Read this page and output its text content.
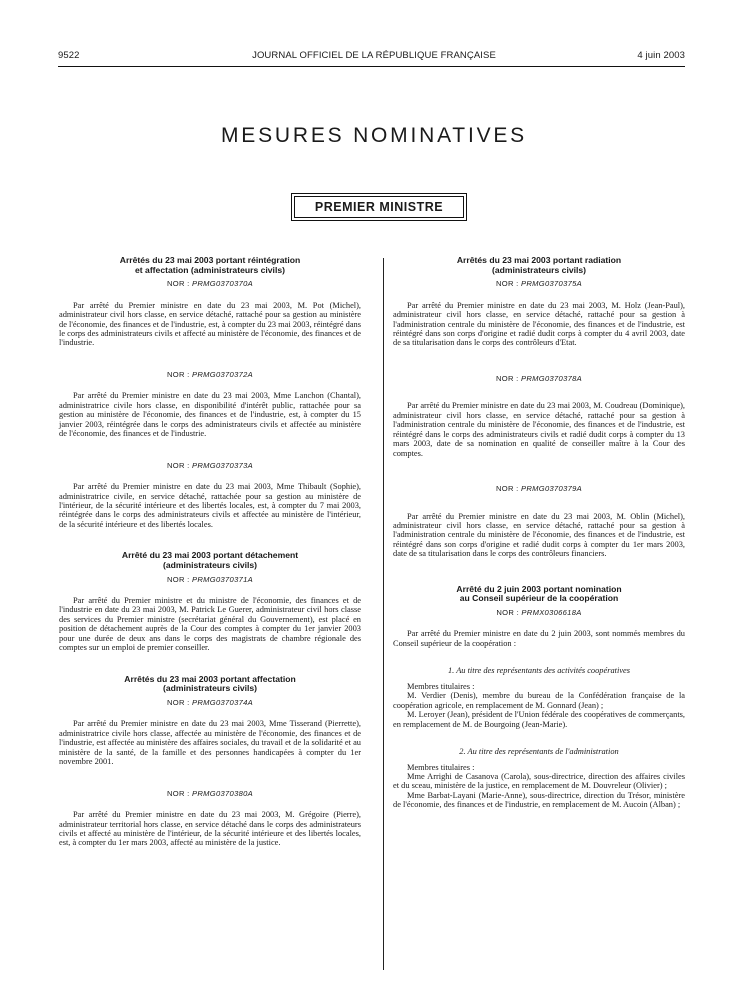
9522	JOURNAL OFFICIEL DE LA RÉPUBLIQUE FRANÇAISE	4 juin 2003
MESURES NOMINATIVES
PREMIER MINISTRE
Arrêtés du 23 mai 2003 portant réintégration
et affectation (administrateurs civils)
NOR : PRMG0370370A

Par arrêté du Premier ministre en date du 23 mai 2003, M. Pot (Michel), administrateur civil hors classe, en service détaché, rattaché pour sa gestion au ministère de l'économie, des finances et de l'industrie, est, à compter du 23 mai 2003, réintégré dans le corps des administrateurs civils et affecté au ministère de l'économie, des finances et de l'industrie.

NOR : PRMG0370372A

Par arrêté du Premier ministre en date du 23 mai 2003, Mme Lanchon (Chantal), administratrice civile hors classe, en disponibilité d'intérêt public, rattachée pour sa gestion au ministère de l'économie, des finances et de l'industrie, est, à compter du 15 janvier 2003, réintégrée dans le corps des administrateurs civils et affectée au ministère de l'économie, des finances et de l'industrie.

NOR : PRMG0370373A

Par arrêté du Premier ministre en date du 23 mai 2003, Mme Thibault (Sophie), administratrice civile, en service détaché, rattachée pour sa gestion au ministère de l'intérieur, de la sécurité intérieure et des libertés locales, est, à compter du 7 mai 2003, réintégrée dans le corps des administrateurs civils et affectée au ministère de l'intérieur, de la sécurité intérieure et des libertés locales.

Arrêté du 23 mai 2003 portant détachement
(administrateurs civils)
NOR : PRMG0370371A

Par arrêté du Premier ministre et du ministre de l'économie, des finances et de l'industrie en date du 23 mai 2003, M. Patrick Le Guerer, administrateur civil hors classe des services du Premier ministre (secrétariat général du Gouvernement), est placé en position de détachement auprès de la Cour des comptes à compter du 1er janvier 2003 pour une durée de deux ans dans le corps des magistrats de chambre régionale des comptes sur un emploi de premier conseiller.

Arrêtés du 23 mai 2003 portant affectation
(administrateurs civils)
NOR : PRMG0370374A

Par arrêté du Premier ministre en date du 23 mai 2003, Mme Tisserand (Pierrette), administratrice civile hors classe, affectée au ministère de l'économie, des finances et de l'industrie, est affectée au ministère des affaires sociales, du travail et de la solidarité et au ministère de la santé, de la famille et des personnes handicapées à compter du 1er novembre 2001.

NOR : PRMG0370380A

Par arrêté du Premier ministre en date du 23 mai 2003, M. Grégoire (Pierre), administrateur territorial hors classe, en service détaché dans le corps des administrateurs civils et affecté au ministère de l'intérieur, de la sécurité intérieure et des libertés locales, est, à compter du 1er mars 2003, affecté au ministère de la justice.

Arrêtés du 23 mai 2003 portant radiation
(administrateurs civils)
NOR : PRMG0370375A

Par arrêté du Premier ministre en date du 23 mai 2003, M. Holz (Jean-Paul), administrateur civil hors classe, en service détaché, rattaché pour sa gestion à l'administration centrale du ministère de l'économie, des finances et de l'industrie, est réintégré dans son corps d'origine et radié dudit corps à compter du 4 avril 2003, date de sa titularisation dans le corps des contrôleurs d'Etat.

NOR : PRMG0370378A

Par arrêté du Premier ministre en date du 23 mai 2003, M. Coudreau (Dominique), administrateur civil hors classe, en service détaché, rattaché pour sa gestion à l'administration centrale du ministère de l'économie, des finances et de l'industrie, est réintégré dans le corps des administrateurs civils et radié dudit corps à compter du 13 mars 2003, date de sa nomination en qualité de conseiller maître à la Cour des comptes.

NOR : PRMG0370379A

Par arrêté du Premier ministre en date du 23 mai 2003, M. Oblin (Michel), administrateur civil hors classe, en service détaché, rattaché pour sa gestion à l'administration centrale du ministère de l'économie, des finances et de l'industrie, est réintégré dans son corps d'origine et radié dudit corps à compter du 1er mars 2003, date de sa titularisation dans le corps des contrôleurs financiers.

Arrêté du 2 juin 2003 portant nomination
au Conseil supérieur de la coopération
NOR : PRMX0306618A

Par arrêté du Premier ministre en date du 2 juin 2003, sont nommés membres du Conseil supérieur de la coopération :

1. Au titre des représentants des activités coopératives

Membres titulaires :

M. Verdier (Denis), membre du bureau de la Confédération française de la coopération agricole, en remplacement de M. Gonnard (Jean) ;

M. Leroyer (Jean), président de l'Union fédérale des coopératives de commerçants, en remplacement de M. de Bourgoing (Jean-Marie).

2. Au titre des représentants de l'administration

Membres titulaires :

Mme Arrighi de Casanova (Carola), sous-directrice, direction des affaires civiles et du sceau, ministère de la justice, en remplacement de M. Douvreleur (Olivier) ;

Mme Barbat-Layani (Marie-Anne), sous-directrice, direction du Trésor, ministère de l'économie, des finances et de l'industrie, en remplacement de M. Aucoin (Alban) ;
